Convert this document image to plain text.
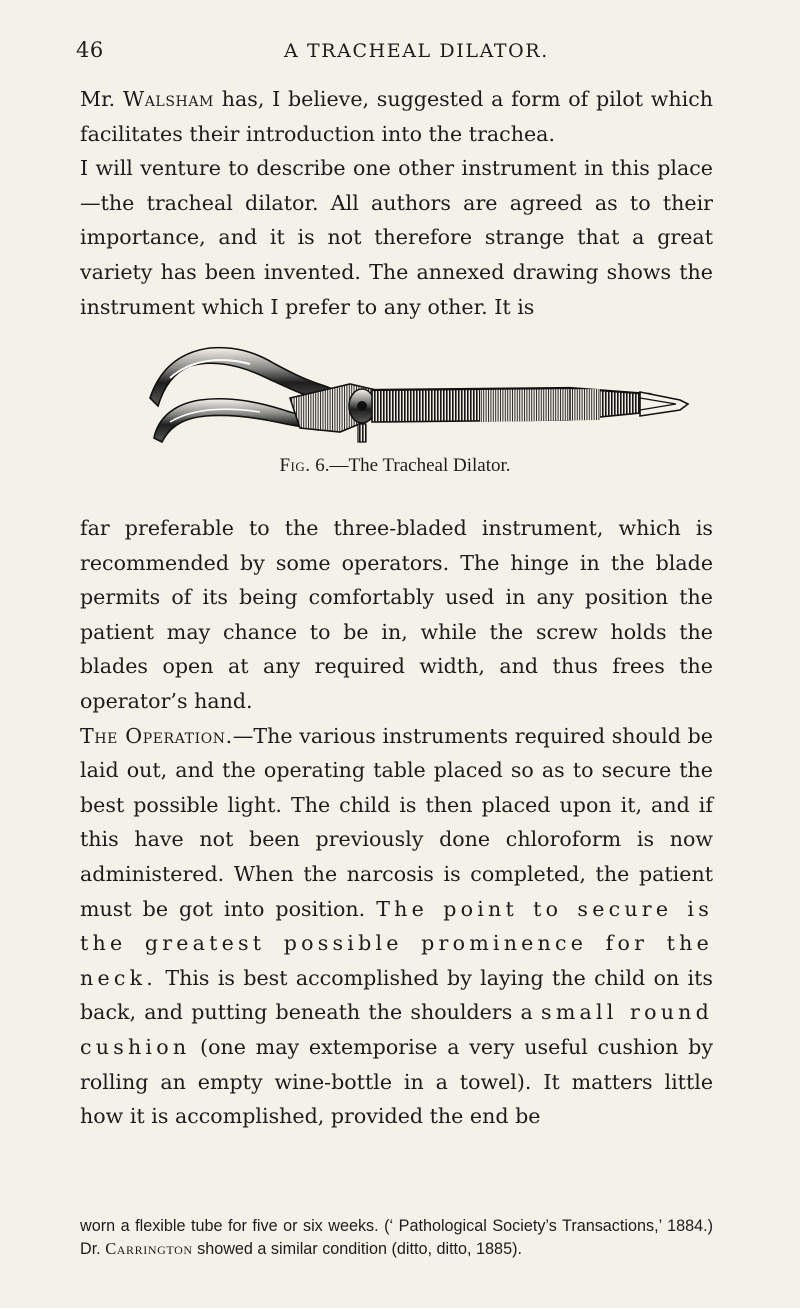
46	A TRACHEAL DILATOR.

Mr. Walsham has, I believe, suggested a form of pilot which facilitates their introduction into the trachea.

I will venture to describe one other instrument in this place—the tracheal dilator. All authors are agreed as to their importance, and it is not therefore strange that a great variety has been invented. The annexed drawing shows the instrument which I prefer to any other. It is

Fig. 6.—The Tracheal Dilator.

far preferable to the three-bladed instrument, which is recommended by some operators. The hinge in the blade permits of its being comfortably used in any position the patient may chance to be in, while the screw holds the blades open at any required width, and thus frees the operator’s hand.

The Operation.—The various instruments required should be laid out, and the operating table placed so as to secure the best possible light. The child is then placed upon it, and if this have not been previously done chloroform is now administered. When the narcosis is completed, the patient must be got into position. The point to secure is the greatest possible prominence for the neck. This is best accomplished by laying the child on its back, and putting beneath the shoulders a small round cushion (one may extemporise a very useful cushion by rolling an empty wine-bottle in a towel). It matters little how it is accomplished, provided the end be

worn a flexible tube for five or six weeks. (‘ Pathological Society’s Transactions,’ 1884.) Dr. Carrington showed a similar condition (ditto, ditto, 1885).
